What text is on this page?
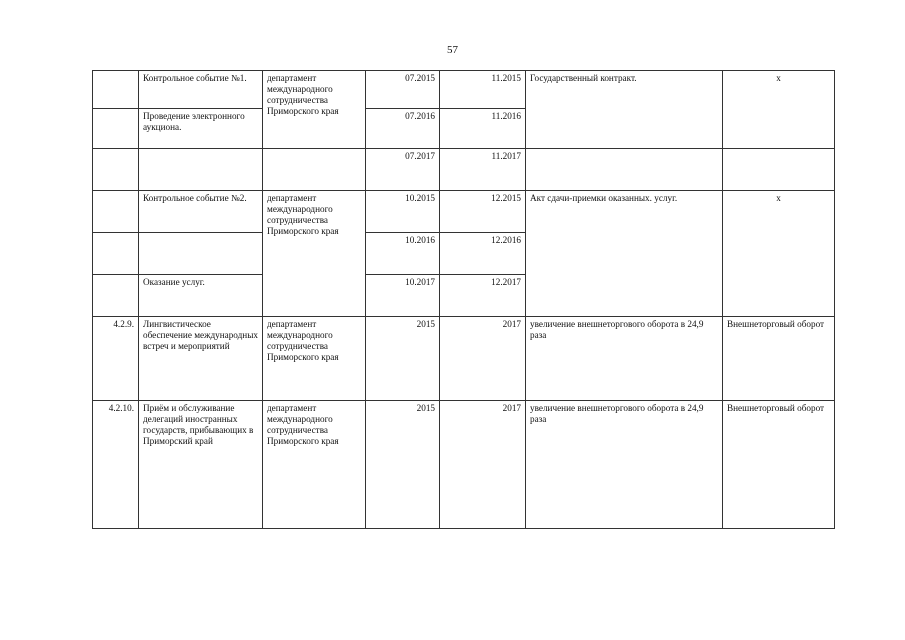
57
	Контрольное событие №1.	департамент международного сотрудничества Приморского края	07.2015	11.2015	Государственный контракт.	х
	Проведение электронного аукциона.		07.2016	11.2016		
			07.2017	11.2017		
	Контрольное событие №2.	департамент международного сотрудничества Приморского края	10.2015	12.2015	Акт сдачи-приемки оказанных. услуг.	х
			10.2016	12.2016		
	Оказание услуг.		10.2017	12.2017		
4.2.9.	Лингвистическое обеспечение международных встреч и мероприятий	департамент международного сотрудничества Приморского края	2015	2017	увеличение внешнеторгового оборота в 24,9 раза	Внешнеторговый оборот
4.2.10.	Приём и обслуживание делегаций иностранных государств, прибывающих в Приморский край	департамент международного сотрудничества Приморского края	2015	2017	увеличение внешнеторгового оборота в 24,9 раза	Внешнеторговый оборот
